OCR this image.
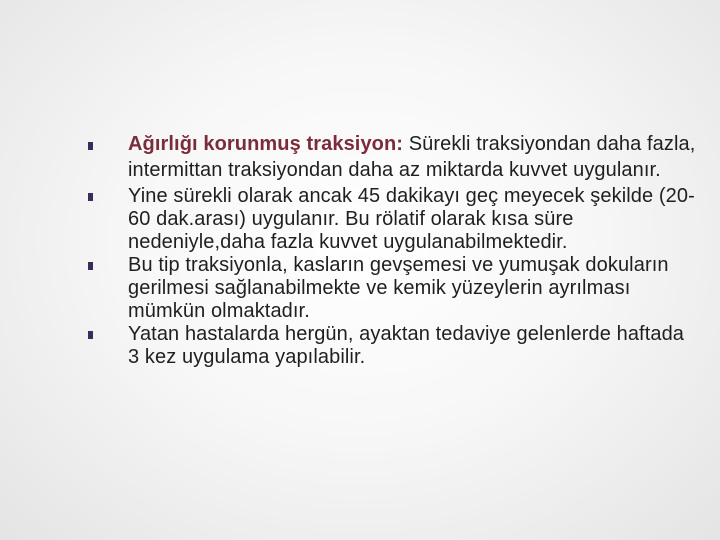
Ağırlığı korunmuş traksiyon: Sürekli traksiyondan daha fazla, intermittan traksiyondan daha az miktarda kuvvet uygulanır.
Yine sürekli olarak ancak 45 dakikayı geç meyecek şekilde (20-60 dak.arası) uygulanır. Bu rölatif olarak kısa süre nedeniyle,daha fazla kuvvet uygulanabilmektedir.
Bu tip traksiyonla, kasların gevşemesi ve yumuşak dokuların gerilmesi sağlanabilmekte ve kemik yüzeylerin ayrılması mümkün olmaktadır.
Yatan hastalarda hergün, ayaktan tedaviye gelenlerde haftada 3 kez uygulama yapılabilir.
